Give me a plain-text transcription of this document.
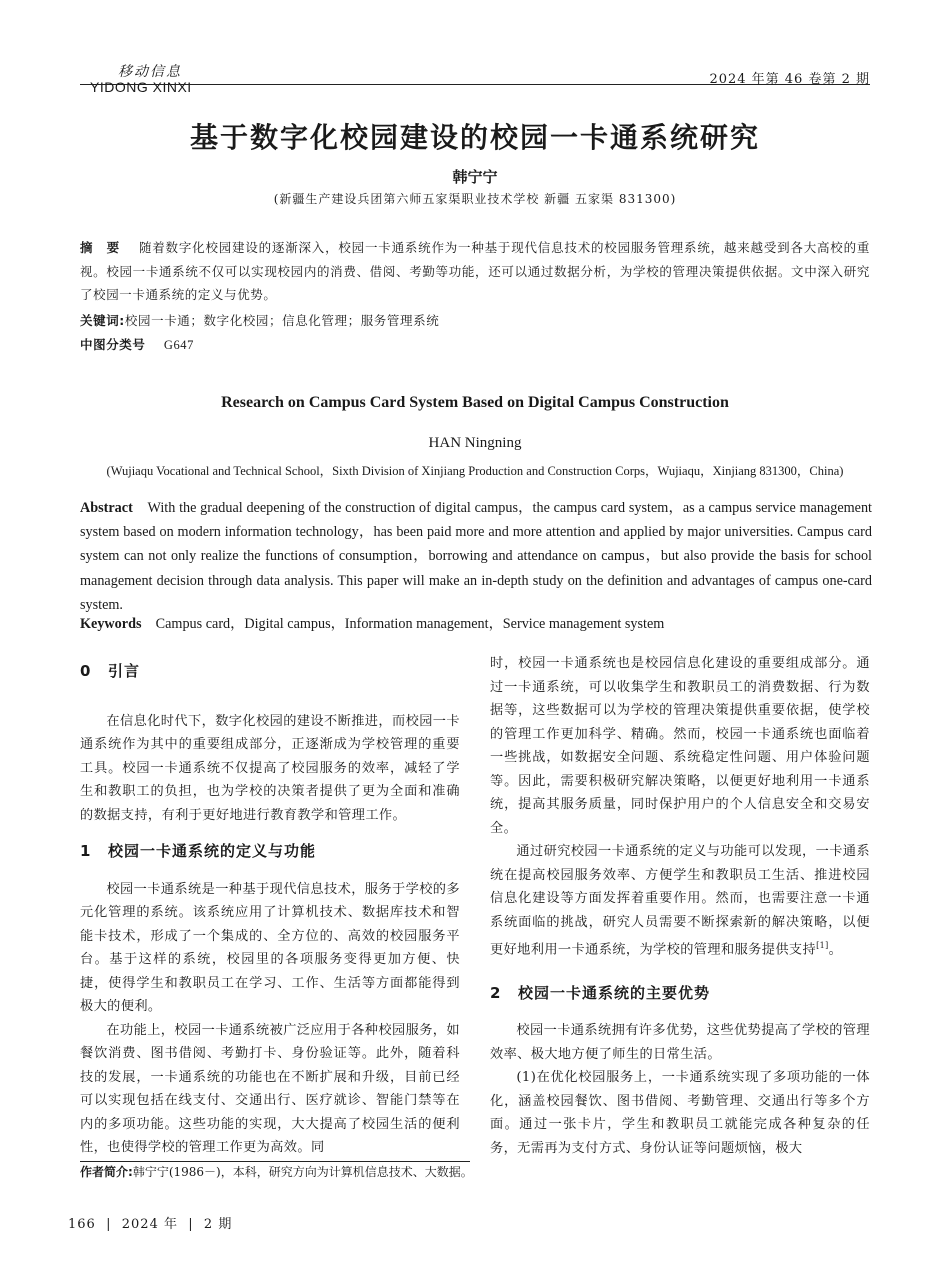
移动信息
YIDONG XINXI	2024 年第 46 卷第 2 期
基于数字化校园建设的校园一卡通系统研究
韩宁宁
(新疆生产建设兵团第六师五家渠职业技术学校 新疆 五家渠 831300)
摘　要 随着数字化校园建设的逐渐深入，校园一卡通系统作为一种基于现代信息技术的校园服务管理系统，越来越受到各大高校的重视。校园一卡通系统不仅可以实现校园内的消费、借阅、考勤等功能，还可以通过数据分析，为学校的管理决策提供依据。文中深入研究了校园一卡通系统的定义与优势。
关键词:校园一卡通；数字化校园；信息化管理；服务管理系统
中图分类号 G647
Research on Campus Card System Based on Digital Campus Construction
HAN Ningning
(Wujiaqu Vocational and Technical School，Sixth Division of Xinjiang Production and Construction Corps，Wujiaqu，Xinjiang 831300，China)
Abstract With the gradual deepening of the construction of digital campus，the campus card system，as a campus service management system based on modern information technology，has been paid more and more attention and applied by major universities. Campus card system can not only realize the functions of consumption，borrowing and attendance on campus，but also provide the basis for school management decision through data analysis. This paper will make an in-depth study on the definition and advantages of campus one-card system.
Keywords Campus card，Digital campus，Information management，Service management system
0 引言

在信息化时代下，数字化校园的建设不断推进，而校园一卡通系统作为其中的重要组成部分，正逐渐成为学校管理的重要工具。校园一卡通系统不仅提高了校园服务的效率，减轻了学生和教职工的负担，也为学校的决策者提供了更为全面和准确的数据支持，有利于更好地进行教育教学和管理工作。

1 校园一卡通系统的定义与功能

校园一卡通系统是一种基于现代信息技术，服务于学校的多元化管理的系统。该系统应用了计算机技术、数据库技术和智能卡技术，形成了一个集成的、全方位的、高效的校园服务平台。基于这样的系统，校园里的各项服务变得更加方便、快捷，使得学生和教职员工在学习、工作、生活等方面都能得到极大的便利。

在功能上，校园一卡通系统被广泛应用于各种校园服务，如餐饮消费、图书借阅、考勤打卡、身份验证等。此外，随着科技的发展，一卡通系统的功能也在不断扩展和升级，目前已经可以实现包括在线支付、交通出行、医疗就诊、智能门禁等在内的多项功能。这些功能的实现，大大提高了校园生活的便利性，也使得学校的管理工作更为高效。同

时，校园一卡通系统也是校园信息化建设的重要组成部分。通过一卡通系统，可以收集学生和教职员工的消费数据、行为数据等，这些数据可以为学校的管理决策提供重要依据，使学校的管理工作更加科学、精确。然而，校园一卡通系统也面临着一些挑战，如数据安全问题、系统稳定性问题、用户体验问题等。因此，需要积极研究解决策略，以便更好地利用一卡通系统，提高其服务质量，同时保护用户的个人信息安全和交易安全。

通过研究校园一卡通系统的定义与功能可以发现，一卡通系统在提高校园服务效率、方便学生和教职员工生活、推进校园信息化建设等方面发挥着重要作用。然而，也需要注意一卡通系统面临的挑战，研究人员需要不断探索新的解决策略，以便更好地利用一卡通系统，为学校的管理和服务提供支持[1]。

2 校园一卡通系统的主要优势

校园一卡通系统拥有许多优势，这些优势提高了学校的管理效率、极大地方便了师生的日常生活。

(1)在优化校园服务上，一卡通系统实现了多项功能的一体化，涵盖校园餐饮、图书借阅、考勤管理、交通出行等多个方面。通过一张卡片，学生和教职员工就能完成各种复杂的任务，无需再为支付方式、身份认证等问题烦恼，极大

作者简介:韩宁宁(1986－)，本科，研究方向为计算机信息技术、大数据。
166  |  2024 年  |  2 期
